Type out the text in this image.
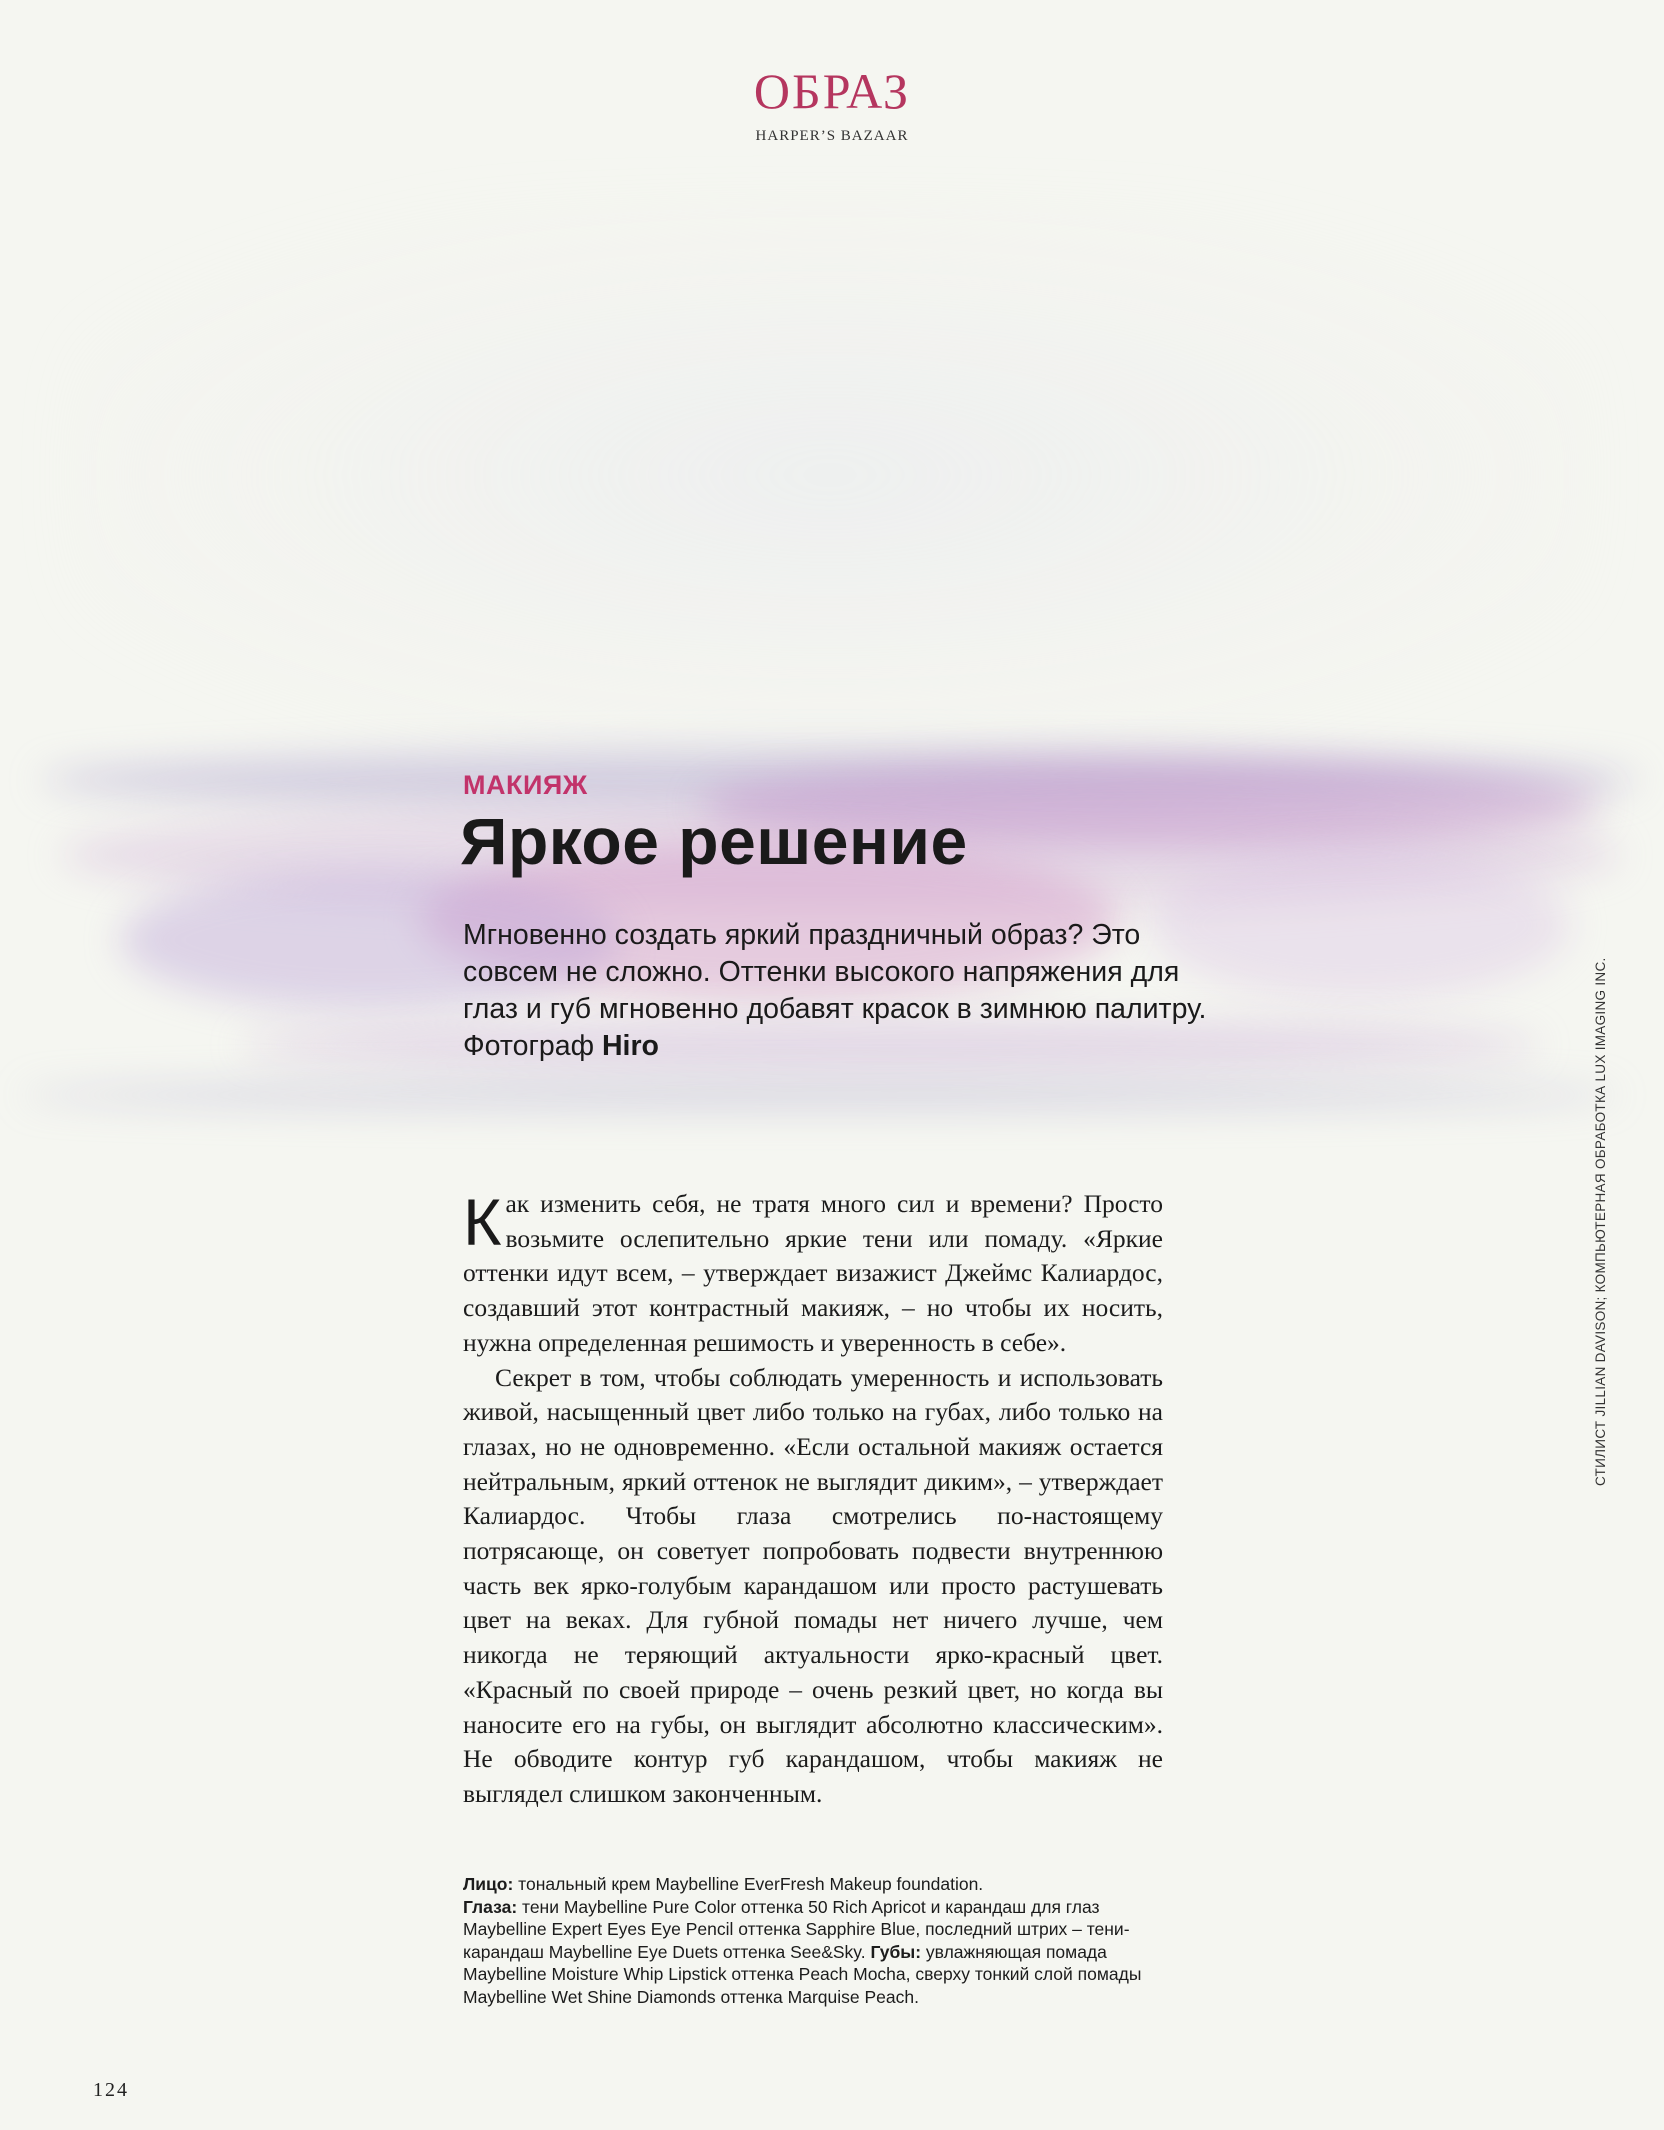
ОБРАЗ
HARPER’S BAZAAR
МАКИЯЖ
Яркое решение

Мгновенно создать яркий праздничный образ? Это совсем не сложно. Оттенки высокого напряжения для глаз и губ мгновенно добавят красок в зимнюю палитру.

Фотограф Hiro

Как изменить себя, не тратя много сил и времени? Просто возьмите ослепительно яркие тени или помаду. «Яркие оттенки идут всем, – утверждает визажист Джеймс Калиардос, создавший этот контрастный макияж, – но чтобы их носить, нужна определенная решимость и уверенность в себе».

Секрет в том, чтобы соблюдать умеренность и использовать живой, насыщенный цвет либо только на губах, либо только на глазах, но не одновременно. «Если остальной макияж остается нейтральным, яркий оттенок не выглядит диким», – утверждает Калиардос. Чтобы глаза смотрелись по-настоящему потрясающе, он советует попробовать подвести внутреннюю часть век ярко-голубым карандашом или просто растушевать цвет на веках. Для губной помады нет ничего лучше, чем никогда не теряющий актуальности ярко-красный цвет. «Красный по своей природе – очень резкий цвет, но когда вы наносите его на губы, он выглядит абсолютно классическим». Не обводите контур губ карандашом, чтобы макияж не выглядел слишком законченным.

Лицо: тональный крем Maybelline EverFresh Makeup foundation.
Глаза: тени Maybelline Pure Color оттенка 50 Rich Apricot и карандаш для глаз Maybelline Expert Eyes Eye Pencil оттенка Sapphire Blue, последний штрих – тени-карандаш Maybelline Eye Duets оттенка See&Sky. Губы: увлажняющая помада Maybelline Moisture Whip Lipstick оттенка Peach Mocha, сверху тонкий слой помады Maybelline Wet Shine Diamonds оттенка Marquise Peach.
124
СТИЛИСТ JILLIAN DAVISON; КОМПЬЮТЕРНАЯ ОБРАБОТКА LUX IMAGING INC.
